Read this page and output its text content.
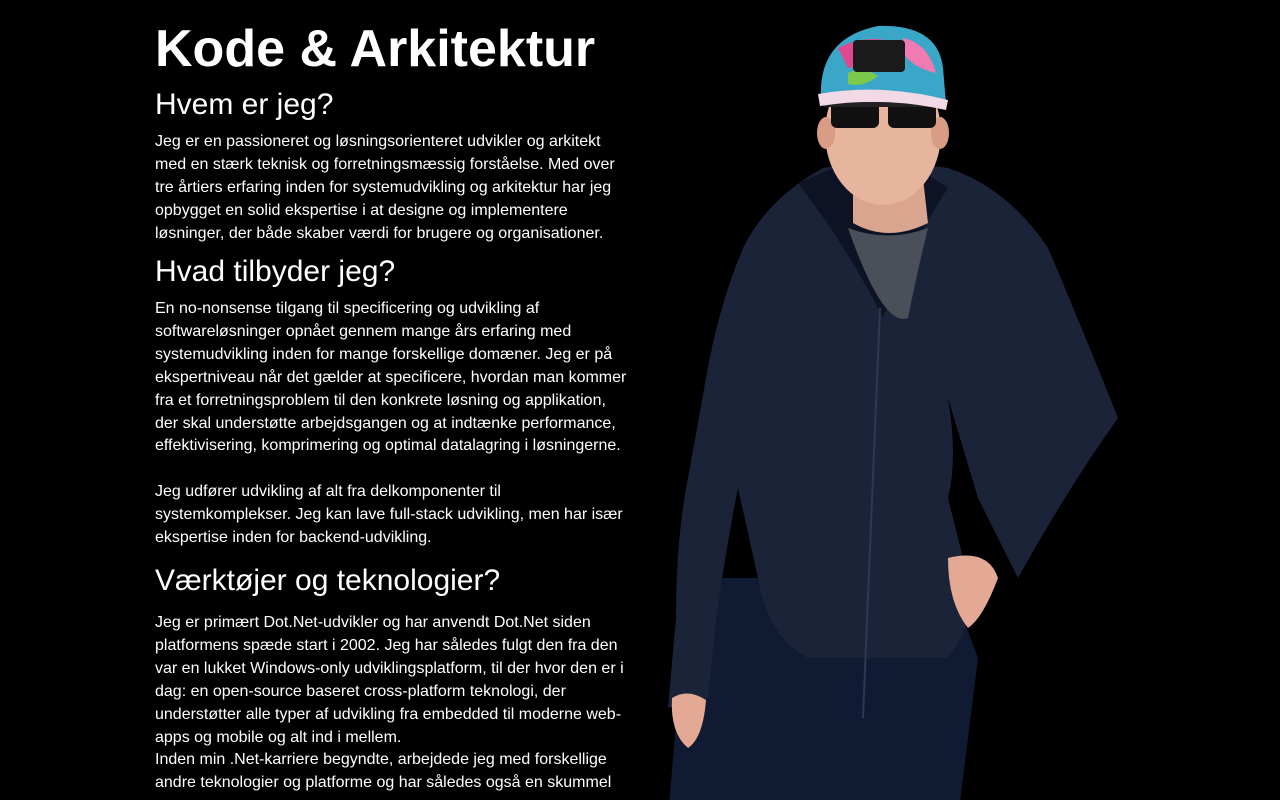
Kode & Arkitektur
Hvem er jeg?

Jeg er en passioneret og løsningsorienteret udvikler og arkitekt med en stærk teknisk og forretningsmæssig forståelse. Med over tre årtiers erfaring inden for systemudvikling og arkitektur har jeg opbygget en solid ekspertise i at designe og implementere løsninger, der både skaber værdi for brugere og organisationer.

Hvad tilbyder jeg?

En no-nonsense tilgang til specificering og udvikling af softwareløsninger opnået gennem mange års erfaring med systemudvikling inden for mange forskellige domæner. Jeg er på ekspertniveau når det gælder at specificere, hvordan man kommer fra et forretningsproblem til den konkrete løsning og applikation, der skal understøtte arbejdsgangen og at indtænke performance, effektivisering, komprimering og optimal datalagring i løsningerne.

Jeg udfører udvikling af alt fra delkomponenter til systemkomplekser. Jeg kan lave full-stack udvikling, men har især ekspertise inden for backend-udvikling.

Værktøjer og teknologier?

Jeg er primært Dot.Net-udvikler og har anvendt Dot.Net siden platformens spæde start i 2002. Jeg har således fulgt den fra den var en lukket Windows-only udviklingsplatform, til der hvor den er i dag: en open-source baseret cross-platform teknologi, der understøtter alle typer af udvikling fra embedded til moderne web-apps og mobile og alt ind i mellem.

Inden min .Net-karriere begyndte, arbejdede jeg med forskellige andre teknologier og platforme og har således også en skummel
